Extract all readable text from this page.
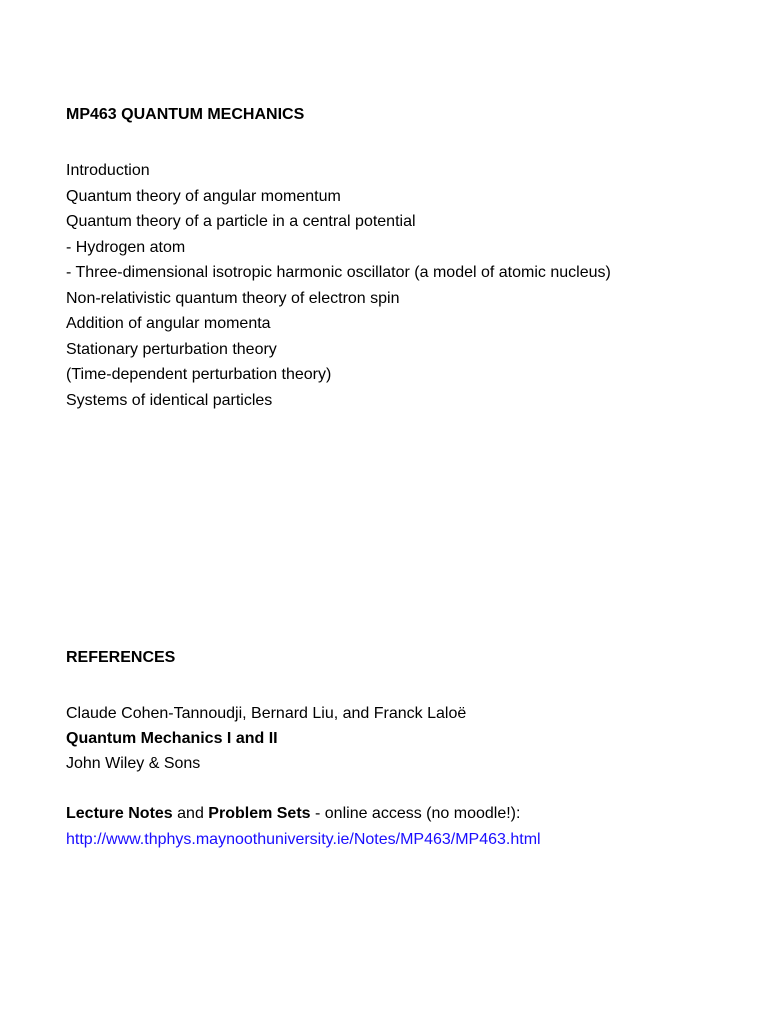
MP463 QUANTUM MECHANICS
Introduction
Quantum theory of angular momentum
Quantum theory of a particle in a central potential
- Hydrogen atom
- Three-dimensional isotropic harmonic oscillator (a model of atomic nucleus)
Non-relativistic quantum theory of electron spin
Addition of angular momenta
Stationary perturbation theory
(Time-dependent perturbation theory)
Systems of identical particles
REFERENCES
Claude Cohen-Tannoudji, Bernard Liu, and Franck Laloë
Quantum Mechanics I and II
John Wiley & Sons
Lecture Notes and Problem Sets - online access (no moodle!):
http://www.thphys.maynoothuniversity.ie/Notes/MP463/MP463.html
